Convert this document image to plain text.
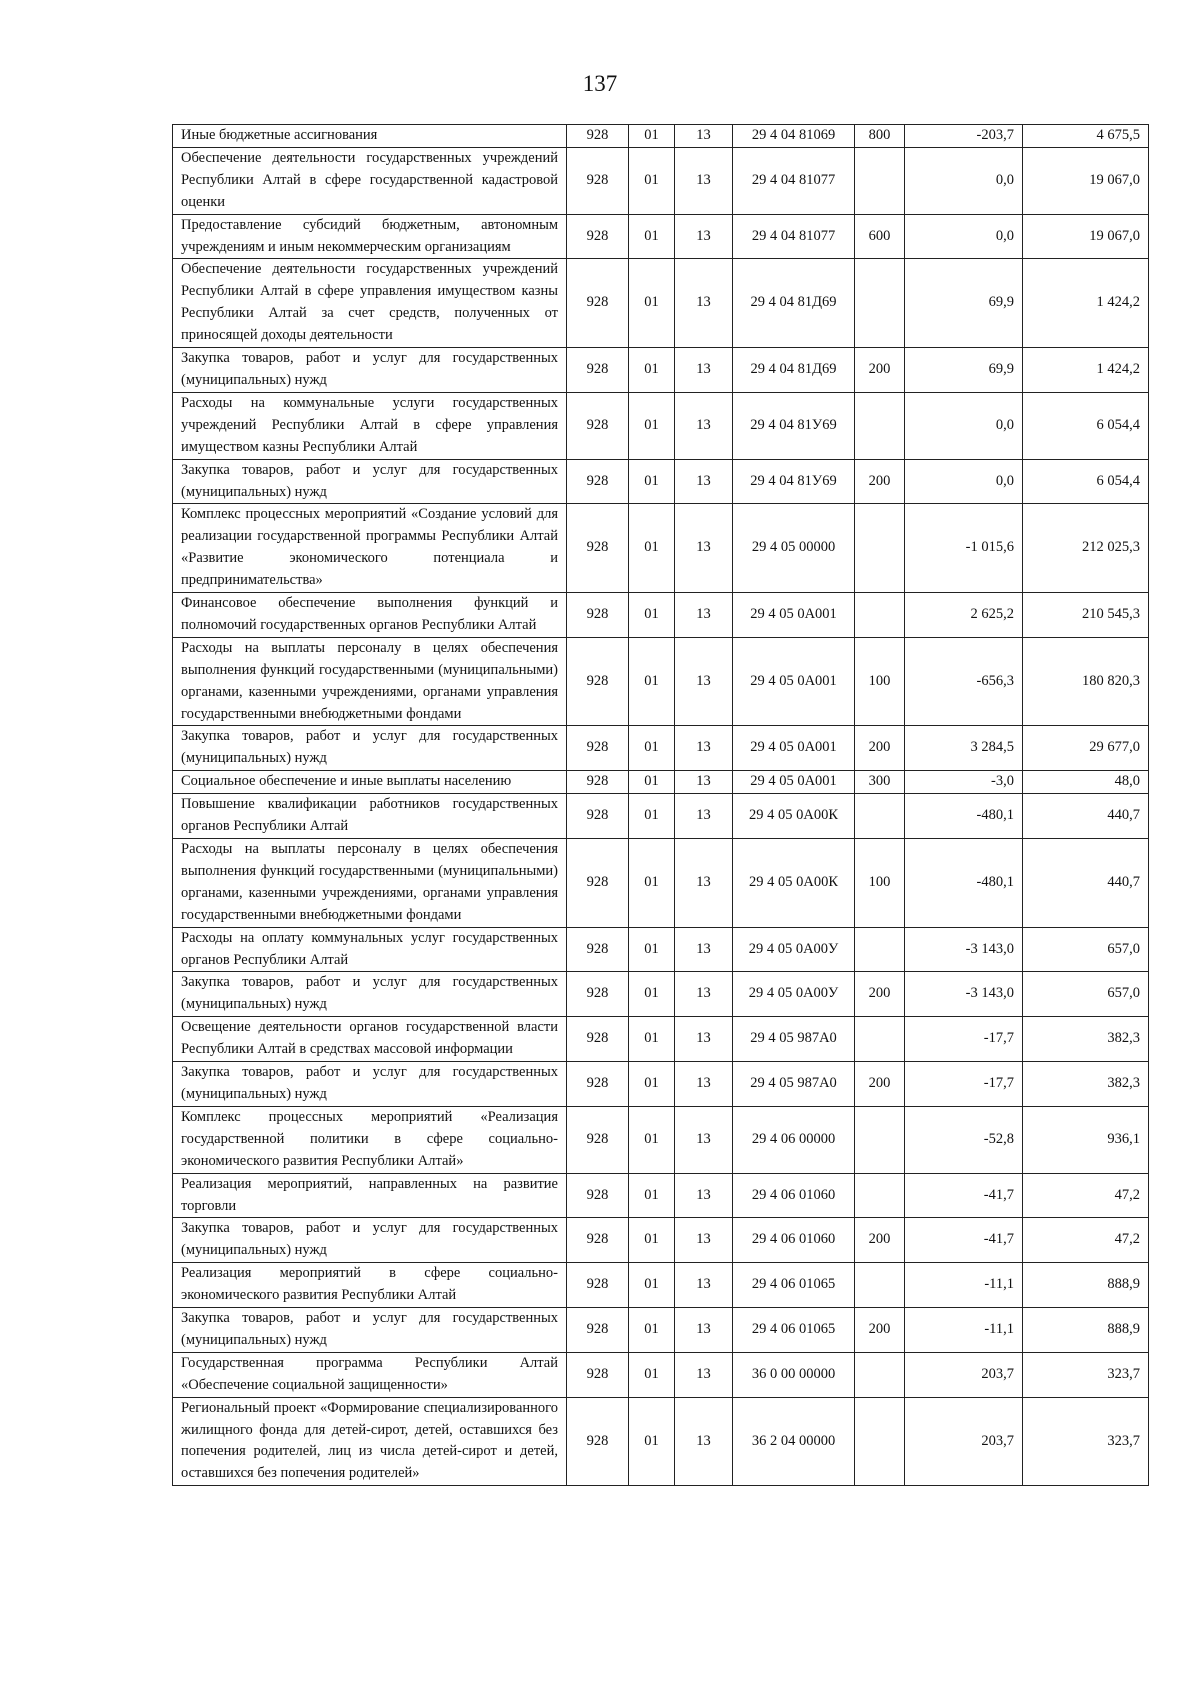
137
Иные бюджетные ассигнования	928	01	13	29 4 04 81069	800	-203,7	4 675,5
Обеспечение деятельности государственных учреждений Республики Алтай в сфере государственной кадастровой оценки	928	01	13	29 4 04 81077		0,0	19 067,0
Предоставление субсидий бюджетным, автономным учреждениям и иным некоммерческим организациям	928	01	13	29 4 04 81077	600	0,0	19 067,0
Обеспечение деятельности государственных учреждений Республики Алтай в сфере управления имуществом казны Республики Алтай за счет средств, полученных от приносящей доходы деятельности	928	01	13	29 4 04 81Д69		69,9	1 424,2
Закупка товаров, работ и услуг для государственных (муниципальных) нужд	928	01	13	29 4 04 81Д69	200	69,9	1 424,2
Расходы на коммунальные услуги государственных учреждений Республики Алтай в сфере управления имуществом казны Республики Алтай	928	01	13	29 4 04 81У69		0,0	6 054,4
Закупка товаров, работ и услуг для государственных (муниципальных) нужд	928	01	13	29 4 04 81У69	200	0,0	6 054,4
Комплекс процессных мероприятий «Создание условий для реализации государственной программы Республики Алтай «Развитие экономического потенциала и предпринимательства»	928	01	13	29 4 05 00000		-1 015,6	212 025,3
Финансовое обеспечение выполнения функций и полномочий государственных органов Республики Алтай	928	01	13	29 4 05 0А001		2 625,2	210 545,3
Расходы на выплаты персоналу в целях обеспечения выполнения функций государственными (муниципальными) органами, казенными учреждениями, органами управления государственными внебюджетными фондами	928	01	13	29 4 05 0А001	100	-656,3	180 820,3
Закупка товаров, работ и услуг для государственных (муниципальных) нужд	928	01	13	29 4 05 0А001	200	3 284,5	29 677,0
Социальное обеспечение и иные выплаты населению	928	01	13	29 4 05 0А001	300	-3,0	48,0
Повышение квалификации работников государственных органов Республики Алтай	928	01	13	29 4 05 0А00К		-480,1	440,7
Расходы на выплаты персоналу в целях обеспечения выполнения функций государственными (муниципальными) органами, казенными учреждениями, органами управления государственными внебюджетными фондами	928	01	13	29 4 05 0А00К	100	-480,1	440,7
Расходы на оплату коммунальных услуг государственных органов Республики Алтай	928	01	13	29 4 05 0А00У		-3 143,0	657,0
Закупка товаров, работ и услуг для государственных (муниципальных) нужд	928	01	13	29 4 05 0А00У	200	-3 143,0	657,0
Освещение деятельности органов государственной власти Республики Алтай в средствах массовой информации	928	01	13	29 4 05 987А0		-17,7	382,3
Закупка товаров, работ и услуг для государственных (муниципальных) нужд	928	01	13	29 4 05 987А0	200	-17,7	382,3
Комплекс процессных мероприятий «Реализация государственной политики в сфере социально-экономического развития Республики Алтай»	928	01	13	29 4 06 00000		-52,8	936,1
Реализация мероприятий, направленных на развитие торговли	928	01	13	29 4 06 01060		-41,7	47,2
Закупка товаров, работ и услуг для государственных (муниципальных) нужд	928	01	13	29 4 06 01060	200	-41,7	47,2
Реализация мероприятий в сфере социально-экономического развития Республики Алтай	928	01	13	29 4 06 01065		-11,1	888,9
Закупка товаров, работ и услуг для государственных (муниципальных) нужд	928	01	13	29 4 06 01065	200	-11,1	888,9
Государственная программа Республики Алтай «Обеспечение социальной защищенности»	928	01	13	36 0 00 00000		203,7	323,7
Региональный проект «Формирование специализированного жилищного фонда для детей-сирот, детей, оставшихся без попечения родителей, лиц из числа детей-сирот и детей, оставшихся без попечения родителей»	928	01	13	36 2 04 00000		203,7	323,7
